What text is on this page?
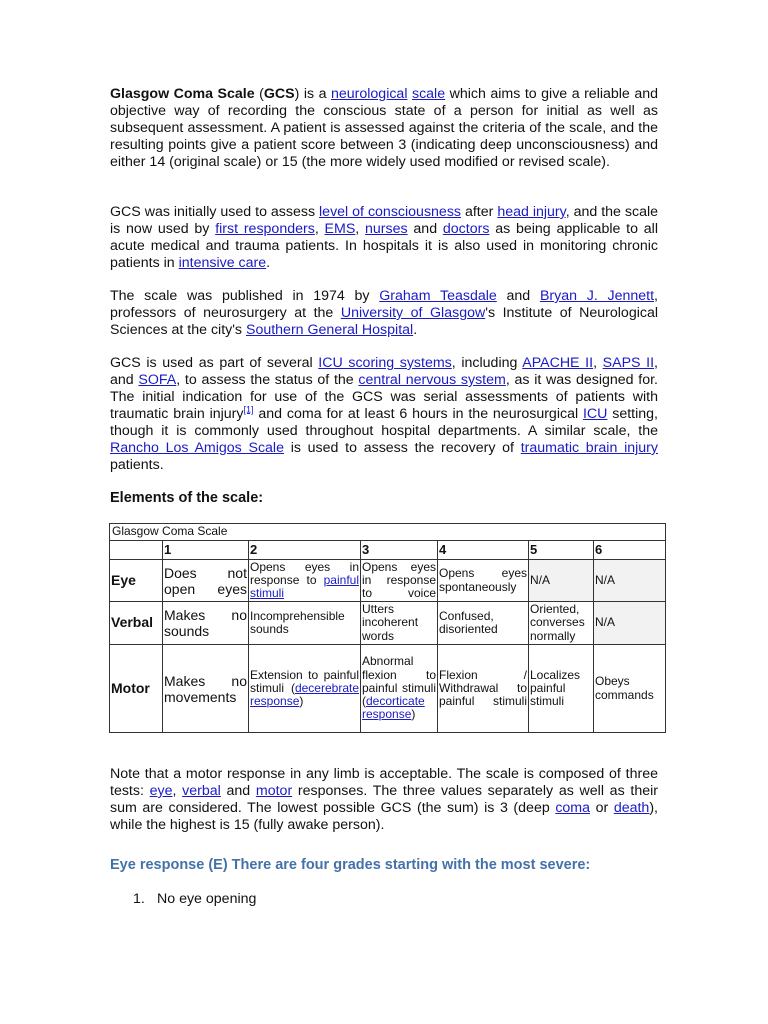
Glasgow Coma Scale (GCS) is a neurological scale which aims to give a reliable and objective way of recording the conscious state of a person for initial as well as subsequent assessment. A patient is assessed against the criteria of the scale, and the resulting points give a patient score between 3 (indicating deep unconsciousness) and either 14 (original scale) or 15 (the more widely used modified or revised scale).

GCS was initially used to assess level of consciousness after head injury, and the scale is now used by first responders, EMS, nurses and doctors as being applicable to all acute medical and trauma patients. In hospitals it is also used in monitoring chronic patients in intensive care.

The scale was published in 1974 by Graham Teasdale and Bryan J. Jennett, professors of neurosurgery at the University of Glasgow's Institute of Neurological Sciences at the city's Southern General Hospital.

GCS is used as part of several ICU scoring systems, including APACHE II, SAPS II, and SOFA, to assess the status of the central nervous system, as it was designed for. The initial indication for use of the GCS was serial assessments of patients with traumatic brain injury[1] and coma for at least 6 hours in the neurosurgical ICU setting, though it is commonly used throughout hospital departments. A similar scale, the Rancho Los Amigos Scale is used to assess the recovery of traumatic brain injury patients.

Elements of the scale:
Glasgow Coma Scale						
	1	2	3	4	5	6
Eye	Does not open eyes	Opens eyes in response to painful stimuli	Opens eyes in response to voice	Opens eyes spontaneously	N/A	N/A
Verbal	Makes no sounds	Incomprehensible sounds	Utters incoherent words	Confused, disoriented	Oriented, converses normally	N/A
Motor	Makes no movements	Extension to painful stimuli (decerebrate response)	Abnormal flexion to painful stimuli (decorticate response)	Flexion / Withdrawal to painful stimuli	Localizes painful stimuli	Obeys commands

Note that a motor response in any limb is acceptable. The scale is composed of three tests: eye, verbal and motor responses. The three values separately as well as their sum are considered. The lowest possible GCS (the sum) is 3 (deep coma or death), while the highest is 15 (fully awake person).

Eye response (E) There are four grades starting with the most severe:
1. No eye opening
